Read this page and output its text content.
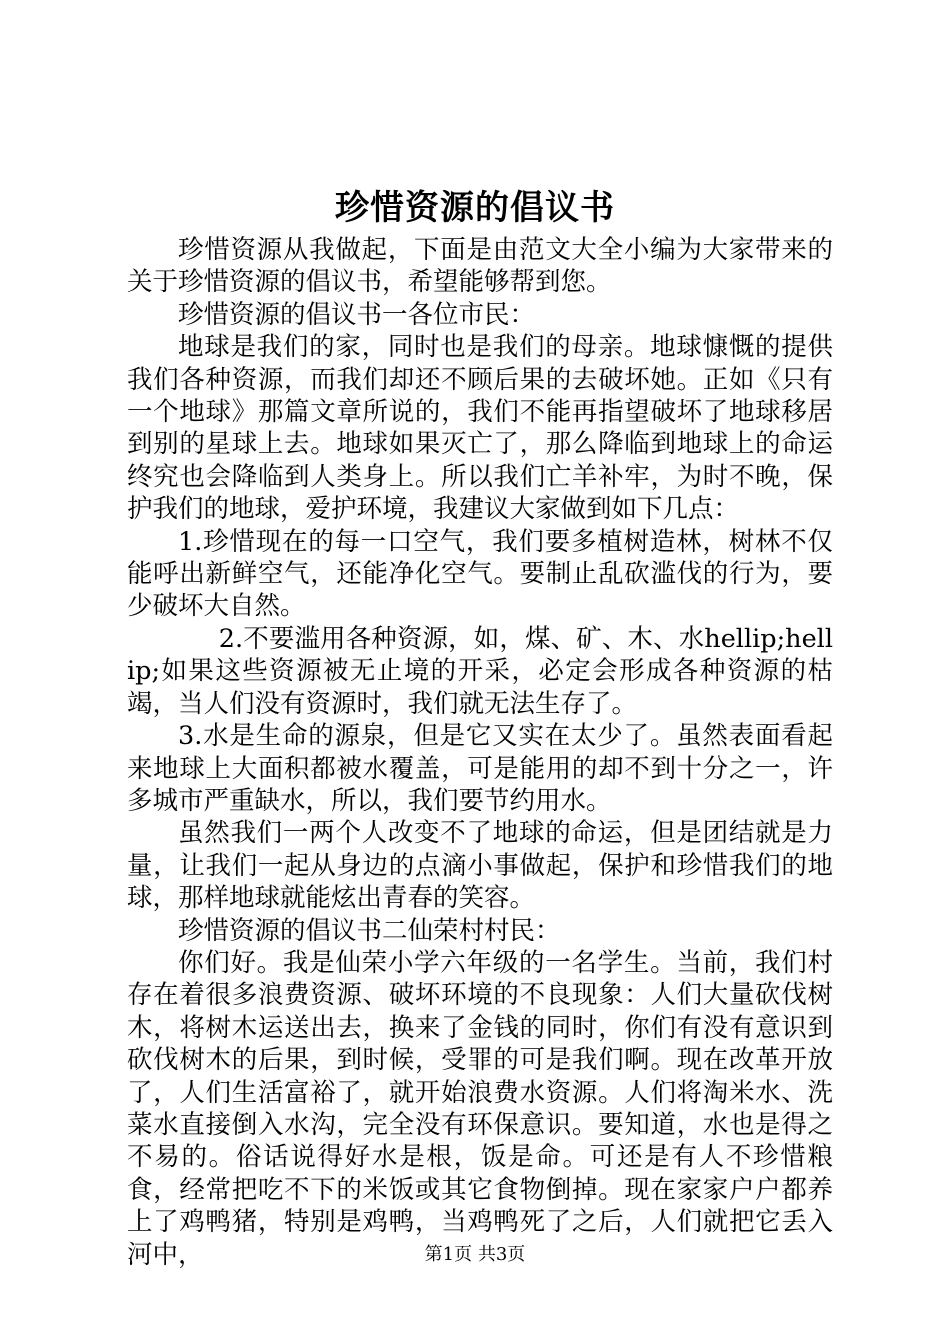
珍惜资源的倡议书

珍惜资源从我做起，下面是由范文大全小编为大家带来的关于珍惜资源的倡议书，希望能够帮到您。

珍惜资源的倡议书一各位市民：

地球是我们的家，同时也是我们的母亲。地球慷慨的提供我们各种资源，而我们却还不顾后果的去破坏她。正如《只有一个地球》那篇文章所说的，我们不能再指望破坏了地球移居到别的星球上去。地球如果灭亡了，那么降临到地球上的命运终究也会降临到人类身上。所以我们亡羊补牢，为时不晚，保护我们的地球，爱护环境，我建议大家做到如下几点：

1.珍惜现在的每一口空气，我们要多植树造林，树林不仅能呼出新鲜空气，还能净化空气。要制止乱砍滥伐的行为，要少破坏大自然。

2.不要滥用各种资源，如，煤、矿、木、水hellip;hellip;如果这些资源被无止境的开采，必定会形成各种资源的枯竭，当人们没有资源时，我们就无法生存了。

3.水是生命的源泉，但是它又实在太少了。虽然表面看起来地球上大面积都被水覆盖，可是能用的却不到十分之一，许多城市严重缺水，所以，我们要节约用水。

虽然我们一两个人改变不了地球的命运，但是团结就是力量，让我们一起从身边的点滴小事做起，保护和珍惜我们的地球，那样地球就能炫出青春的笑容。

珍惜资源的倡议书二仙荣村村民：

你们好。我是仙荣小学六年级的一名学生。当前，我们村存在着很多浪费资源、破坏环境的不良现象：人们大量砍伐树木，将树木运送出去，换来了金钱的同时，你们有没有意识到砍伐树木的后果，到时候，受罪的可是我们啊。现在改革开放了，人们生活富裕了，就开始浪费水资源。人们将淘米水、洗菜水直接倒入水沟，完全没有环保意识。要知道，水也是得之不易的。俗话说得好水是根，饭是命。可还是有人不珍惜粮食，经常把吃不下的米饭或其它食物倒掉。现在家家户户都养上了鸡鸭猪，特别是鸡鸭，当鸡鸭死了之后，人们就把它丢入河中，	第1页 共3页
